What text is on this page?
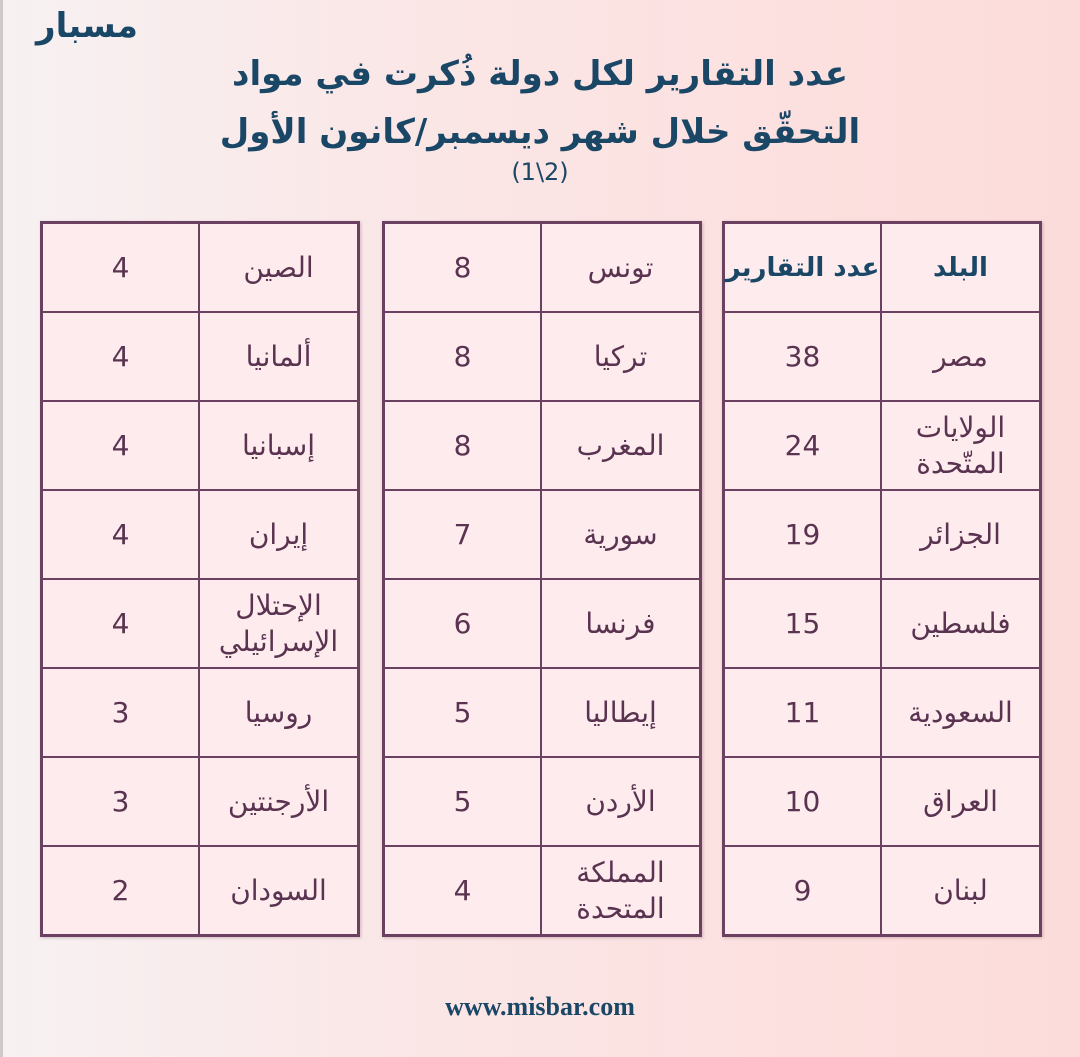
مسبار
عدد التقارير لكل دولة ذُكرت في مواد
التحقّق خلال شهر ديسمبر/كانون الأول
(1\2)
البلد	عدد التقارير
مصر	38
الولايات المتّحدة	24
الجزائر	19
فلسطين	15
السعودية	11
العراق	10
لبنان	9
تونس	8
تركيا	8
المغرب	8
سورية	7
فرنسا	6
إيطاليا	5
الأردن	5
المملكة المتحدة	4
الصين	4
ألمانيا	4
إسبانيا	4
إيران	4
الإحتلال الإسرائيلي	4
روسيا	3
الأرجنتين	3
السودان	2
www.misbar.com
